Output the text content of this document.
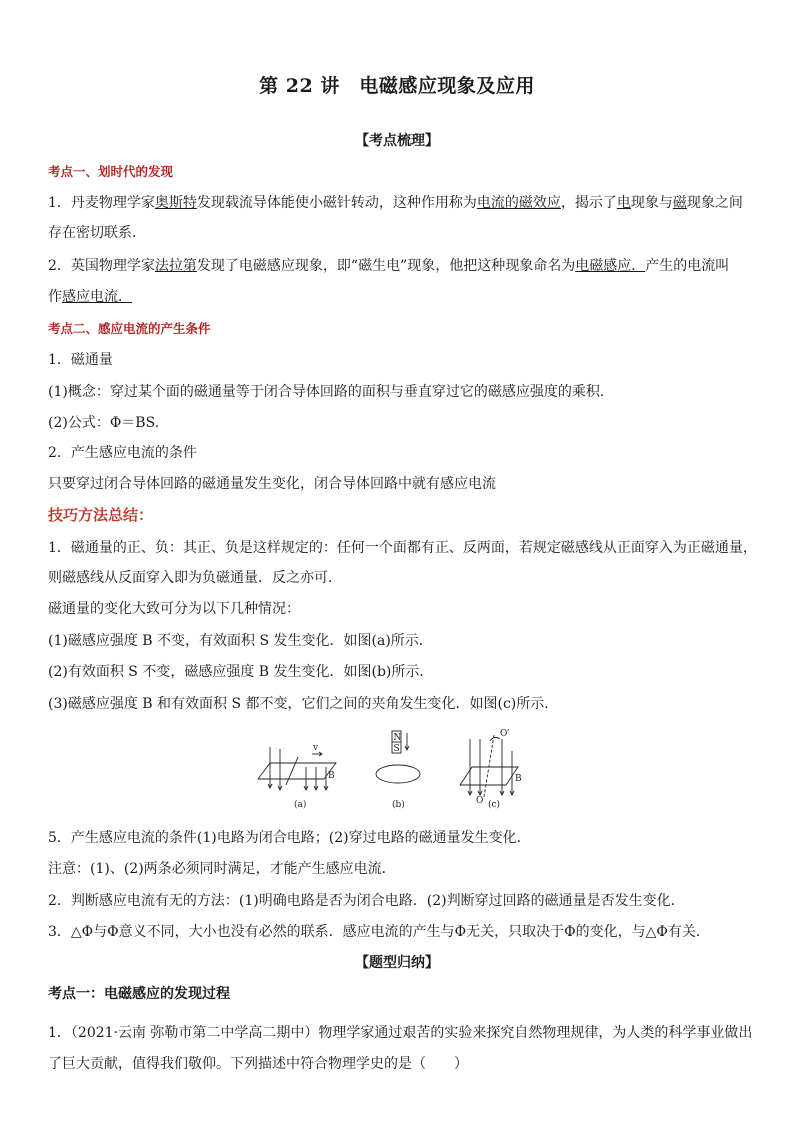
第 22 讲　电磁感应现象及应用
【考点梳理】
考点一、划时代的发现
1．丹麦物理学家奥斯特发现载流导体能使小磁针转动，这种作用称为电流的磁效应，揭示了电现象与磁现象之间
存在密切联系．
2．英国物理学家法拉第发现了电磁感应现象，即“磁生电”现象，他把这种现象命名为电磁感应．产生的电流叫
作感应电流．
考点二、感应电流的产生条件
1．磁通量
(1)概念：穿过某个面的磁通量等于闭合导体回路的面积与垂直穿过它的磁感应强度的乘积．
(2)公式：Φ＝BS.
2．产生感应电流的条件
只要穿过闭合导体回路的磁通量发生变化，闭合导体回路中就有感应电流
技巧方法总结：
1．磁通量的正、负：其正、负是这样规定的：任何一个面都有正、反两面，若规定磁感线从正面穿入为正磁通量，
则磁感线从反面穿入即为负磁通量．反之亦可．
磁通量的变化大致可分为以下几种情况：
(1)磁感应强度 B 不变，有效面积 S 发生变化．如图(a)所示．
(2)有效面积 S 不变，磁感应强度 B 发生变化．如图(b)所示．
(3)磁感应强度 B 和有效面积 S 都不变，它们之间的夹角发生变化．如图(c)所示．
v
B
(a)
N
S
(b)
O′
O
B
(c)
5．产生感应电流的条件(1)电路为闭合电路；(2)穿过电路的磁通量发生变化．
注意：(1)、(2)两条必须同时满足，才能产生感应电流．
2．判断感应电流有无的方法：(1)明确电路是否为闭合电路．(2)判断穿过回路的磁通量是否发生变化．
3．△Φ与Φ意义不同，大小也没有必然的联系．感应电流的产生与Φ无关，只取决于Φ的变化，与△Φ有关．
【题型归纳】
考点一：电磁感应的发现过程
1．（2021·云南 弥勒市第二中学高二期中）物理学家通过艰苦的实验来探究自然物理规律，为人类的科学事业做出
了巨大贡献，值得我们敬仰。下列描述中符合物理学史的是（　　）
